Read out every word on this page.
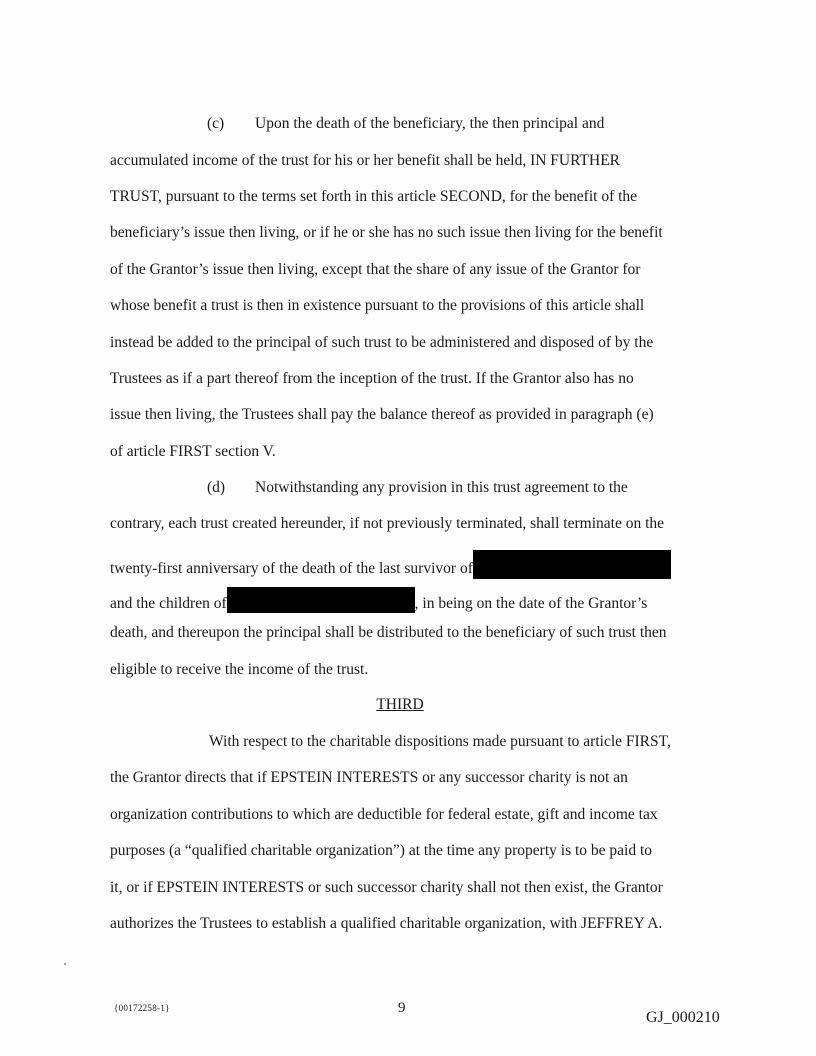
(c) Upon the death of the beneficiary, the then principal and
accumulated income of the trust for his or her benefit shall be held, IN FURTHER
TRUST, pursuant to the terms set forth in this article SECOND, for the benefit of the
beneficiary’s issue then living, or if he or she has no such issue then living for the benefit
of the Grantor’s issue then living, except that the share of any issue of the Grantor for
whose benefit a trust is then in existence pursuant to the provisions of this article shall
instead be added to the principal of such trust to be administered and disposed of by the
Trustees as if a part thereof from the inception of the trust. If the Grantor also has no
issue then living, the Trustees shall pay the balance thereof as provided in paragraph (e)
of article FIRST section V.
(d) Notwithstanding any provision in this trust agreement to the
contrary, each trust created hereunder, if not previously terminated, shall terminate on the
twenty-first anniversary of the death of the last survivor of
and the children of	, in being on the date of the Grantor’s
death, and thereupon the principal shall be distributed to the beneficiary of such trust then
eligible to receive the income of the trust.
THIRD
With respect to the charitable dispositions made pursuant to article FIRST,
the Grantor directs that if EPSTEIN INTERESTS or any successor charity is not an
organization contributions to which are deductible for federal estate, gift and income tax
purposes (a “qualified charitable organization”) at the time any property is to be paid to
it, or if EPSTEIN INTERESTS or such successor charity shall not then exist, the Grantor
authorizes the Trustees to establish a qualified charitable organization, with JEFFREY A.
{00172258-1}	9
GJ_000210
